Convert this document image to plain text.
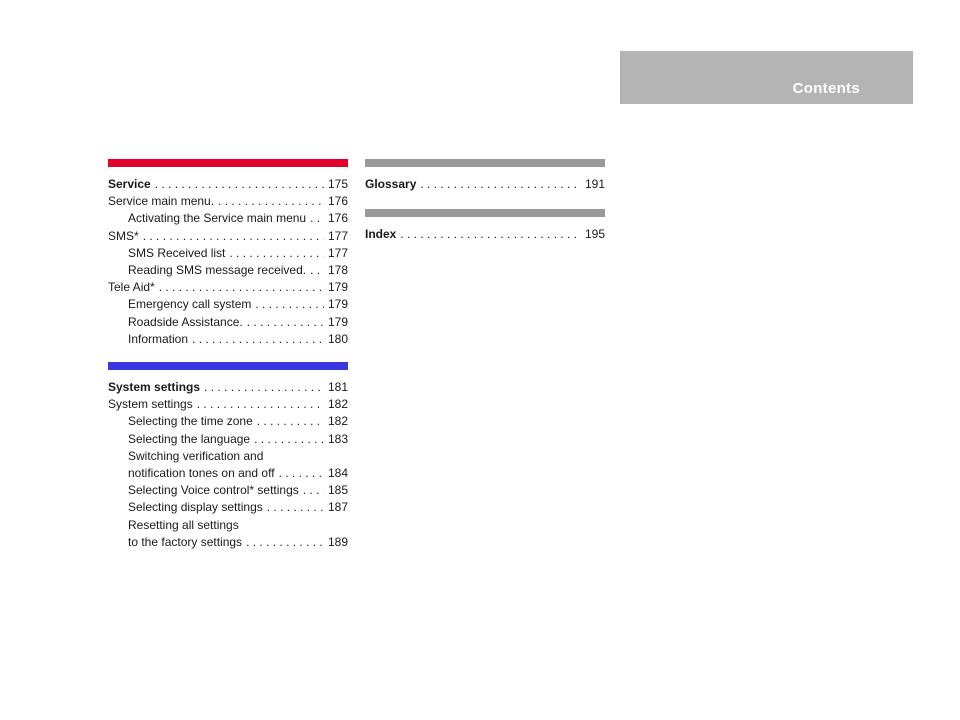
Contents
Service . . .	175
Service main menu. . . .	176
Activating the Service main menu . . . 176
SMS* . . .	177
SMS Received list . . .	177
Reading SMS message received. . . . 178
Tele Aid* . . .	179
Emergency call system . . .	179
Roadside Assistance. . . .	179
Information . . .	180
System settings . . .	181
System settings . . .	182
Selecting the time zone . . .	182
Selecting the language . . .	183
Switching verification and
notification tones on and off . . .	184
Selecting Voice control* settings . . . 185
Selecting display settings . . .	187
Resetting all settings
to the factory settings . . .	189
Glossary . . .	191
Index . . .	195
